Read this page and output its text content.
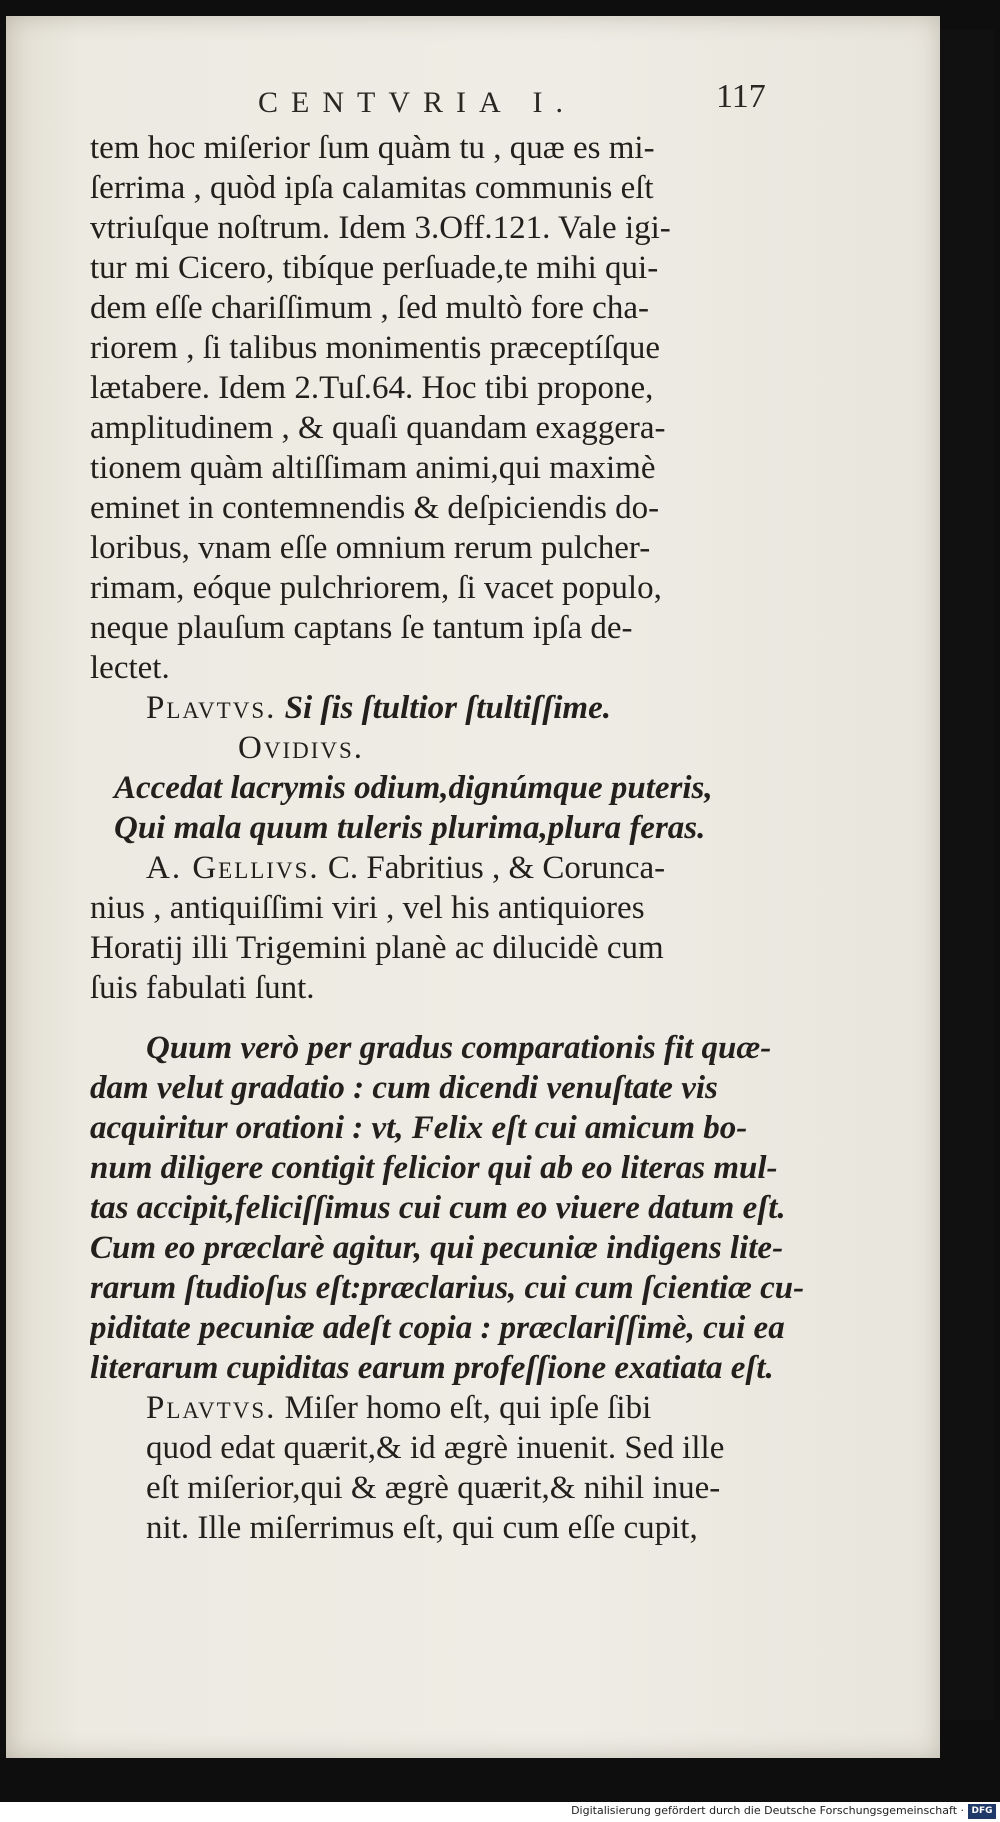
CENTVRIA I.	117
tem hoc miſerior ſum quàm tu , quæ es mi-
ſerrima , quòd ipſa calamitas communis eſt
vtriuſque noſtrum. Idem 3.Off.121. Vale igi-
tur mi Cicero, tibíque perſuade,te mihi qui-
dem eſſe chariſſimum , ſed multò fore cha-
riorem , ſi talibus monimentis præceptíſque
lætabere. Idem 2.Tuſ.64. Hoc tibi propone,
amplitudinem , & quaſi quandam exaggera-
tionem quàm altiſſimam animi,qui maximè
eminet in contemnendis & deſpiciendis do-
loribus, vnam eſſe omnium rerum pulcher-
rimam, eóque pulchriorem, ſi vacet populo,
neque plauſum captans ſe tantum ipſa de-
lectet.
Plavtvs. Si ſis ſtultior ſtultiſſime.
Ovidivs.
Accedat lacrymis odium,dignúmque puteris,
Qui mala quum tuleris plurima,plura feras.
A. Gellivs. C. Fabritius , & Corunca-
nius , antiquiſſimi viri , vel his antiquiores
Horatij illi Trigemini planè ac dilucidè cum
ſuis fabulati ſunt.
Quum verò per gradus comparationis fit quæ-
dam velut gradatio : cum dicendi venuſtate vis
acquiritur orationi : vt, Felix eſt cui amicum bo-
num diligere contigit felicior qui ab eo literas mul-
tas accipit,feliciſſimus cui cum eo viuere datum eſt.
Cum eo præclarè agitur, qui pecuniæ indigens lite-
rarum ſtudioſus eſt:præclarius, cui cum ſcientiæ cu-
piditate pecuniæ adeſt copia : præclariſſimè, cui ea
literarum cupiditas earum profeſſione exatiata eſt.
Plavtvs. Miſer homo eſt, qui ipſe ſibi
quod edat quærit,& id ægrè inuenit. Sed ille
eſt miſerior,qui & ægrè quærit,& nihil inue-
nit. Ille miſerrimus eſt, qui cum eſſe cupit,
Digitalisierung gefördert durch die Deutsche Forschungsgemeinschaft · DFG
